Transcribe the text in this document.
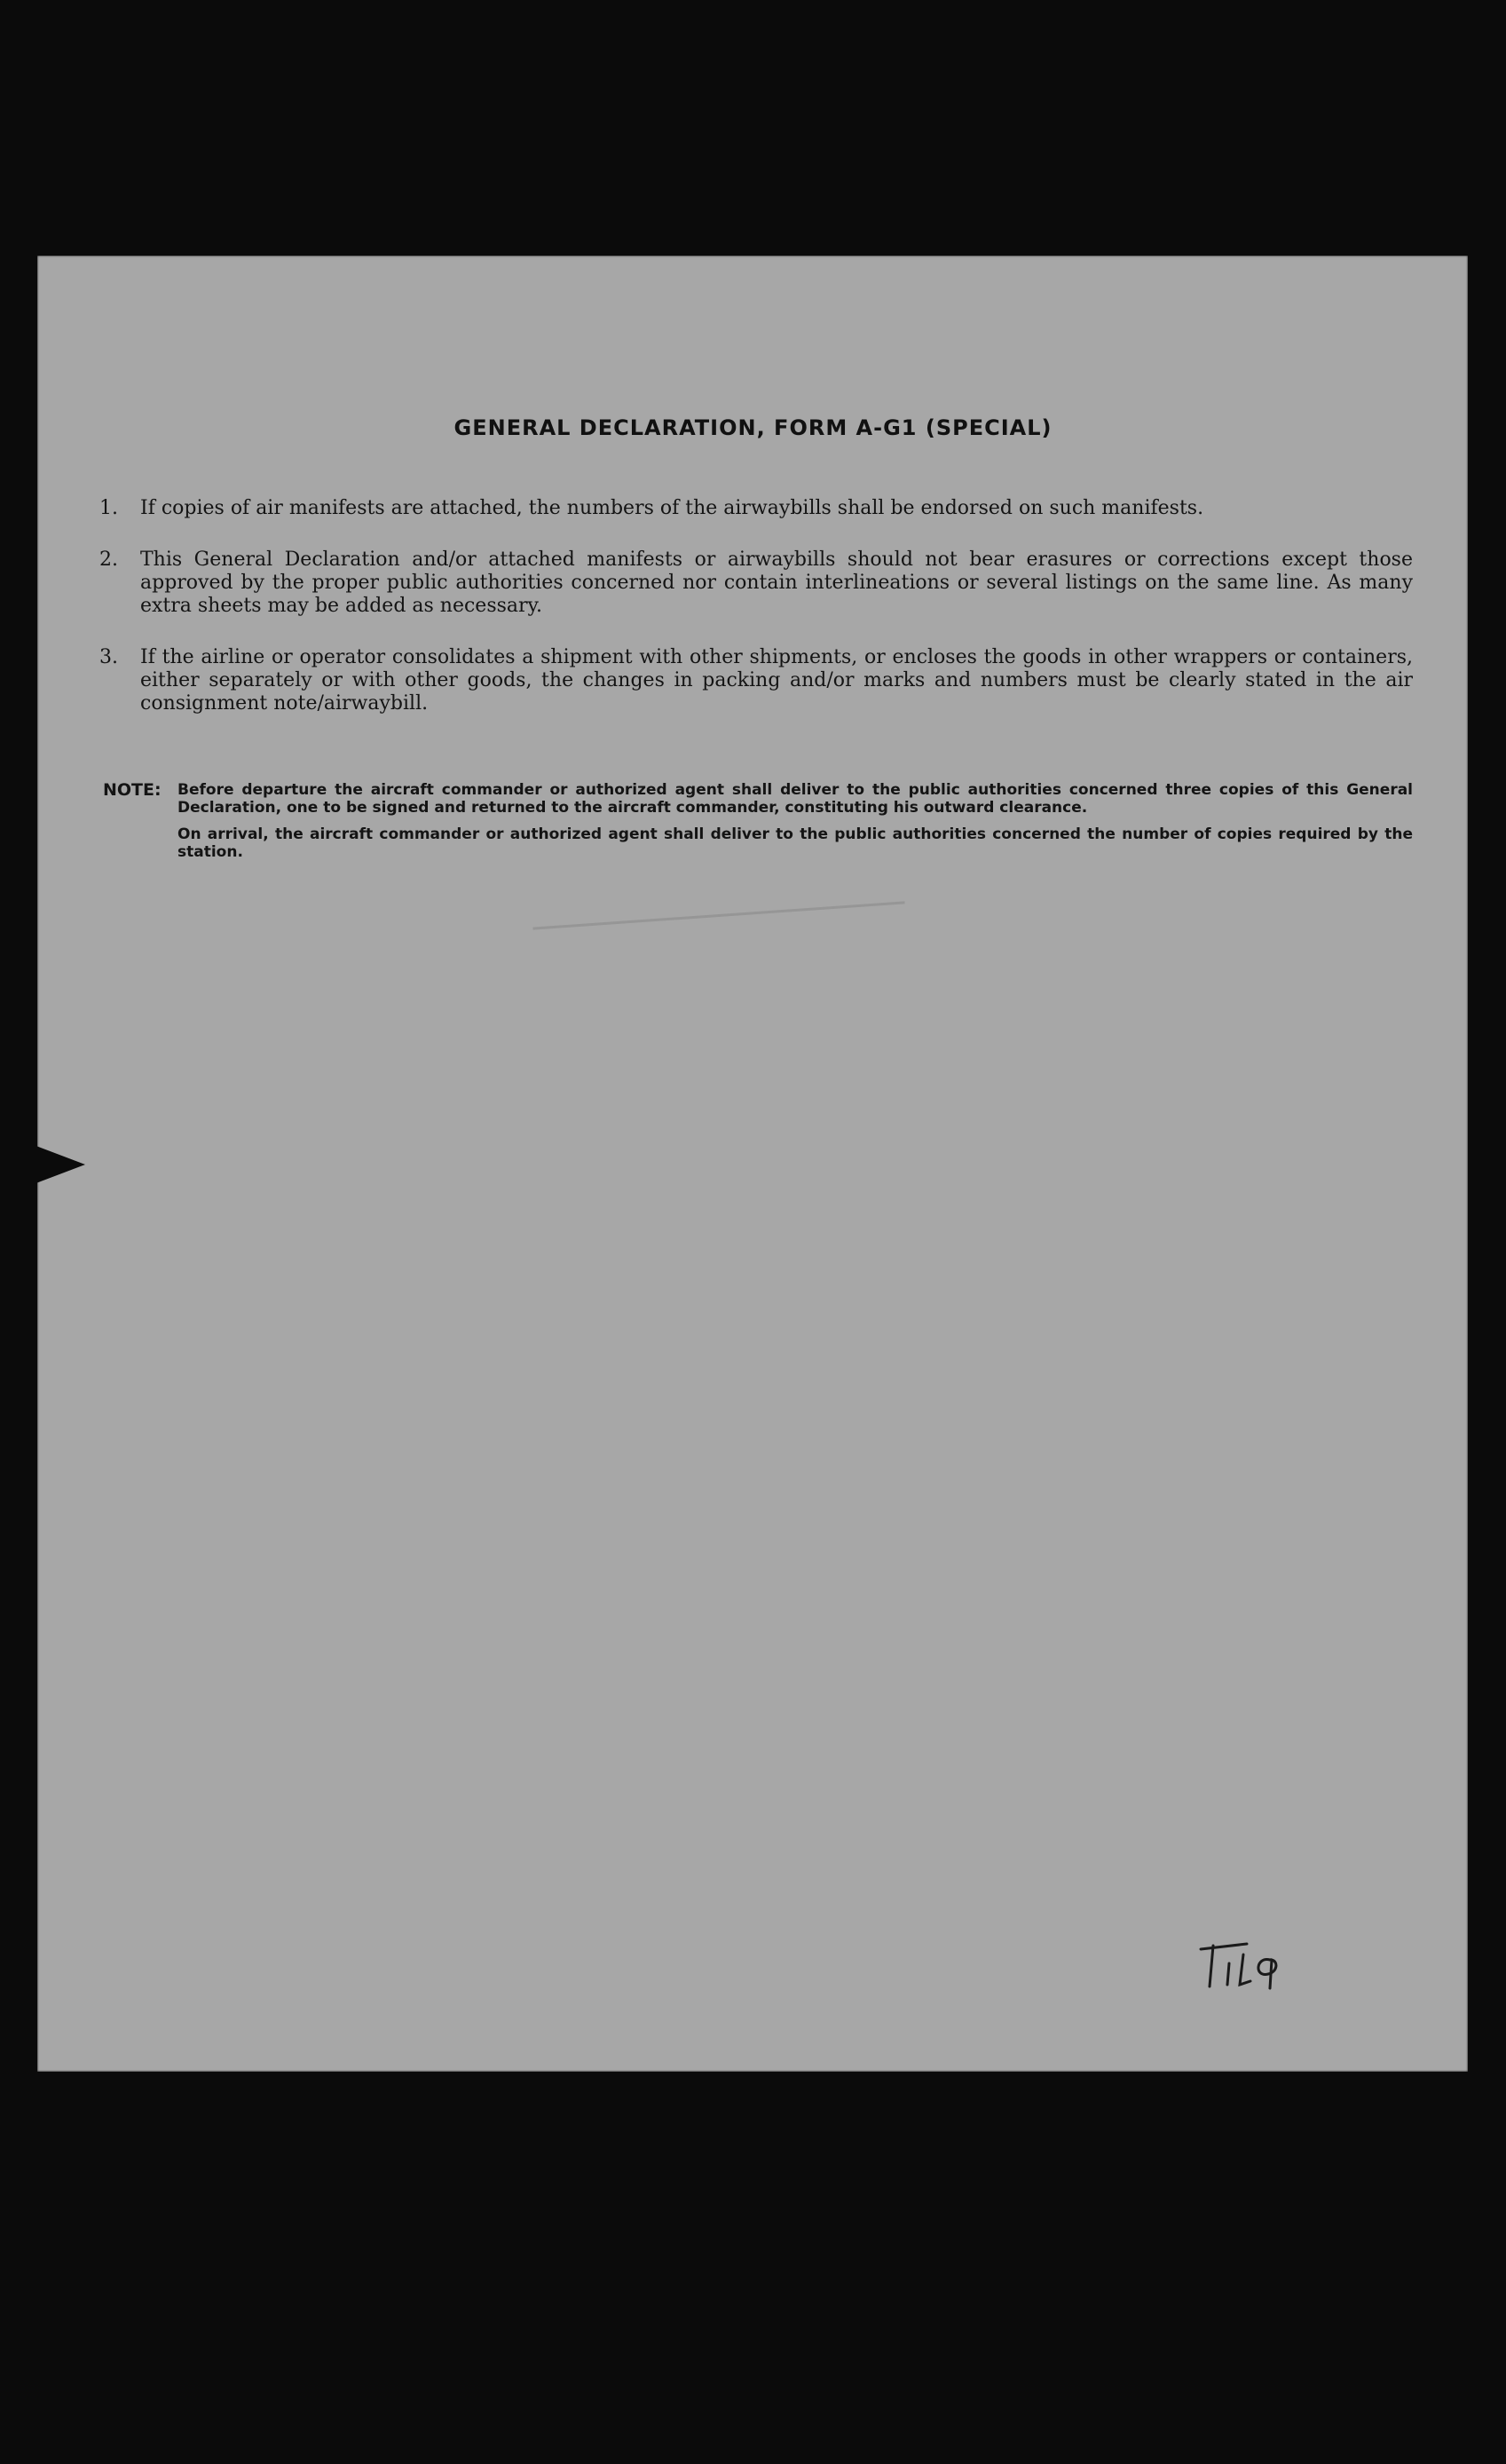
GENERAL DECLARATION, FORM A-G1 (SPECIAL)
1.	If copies of air manifests are attached, the numbers of the airwaybills shall be endorsed on such manifests.
2.	This General Declaration and/or attached manifests or airwaybills should not bear erasures or corrections except those approved by the proper public authorities concerned nor contain interlineations or several listings on the same line. As many extra sheets may be added as necessary.
3.	If the airline or operator consolidates a shipment with other shipments, or encloses the goods in other wrappers or containers, either separately or with other goods, the changes in packing and/or marks and numbers must be clearly stated in the air consignment note/airwaybill.
NOTE:	Before departure the aircraft commander or authorized agent shall deliver to the public authorities concerned three copies of this General Declaration, one to be signed and returned to the aircraft commander, constituting his outward clearance.

On arrival, the aircraft commander or authorized agent shall deliver to the public authorities concerned the number of copies required by the station.
